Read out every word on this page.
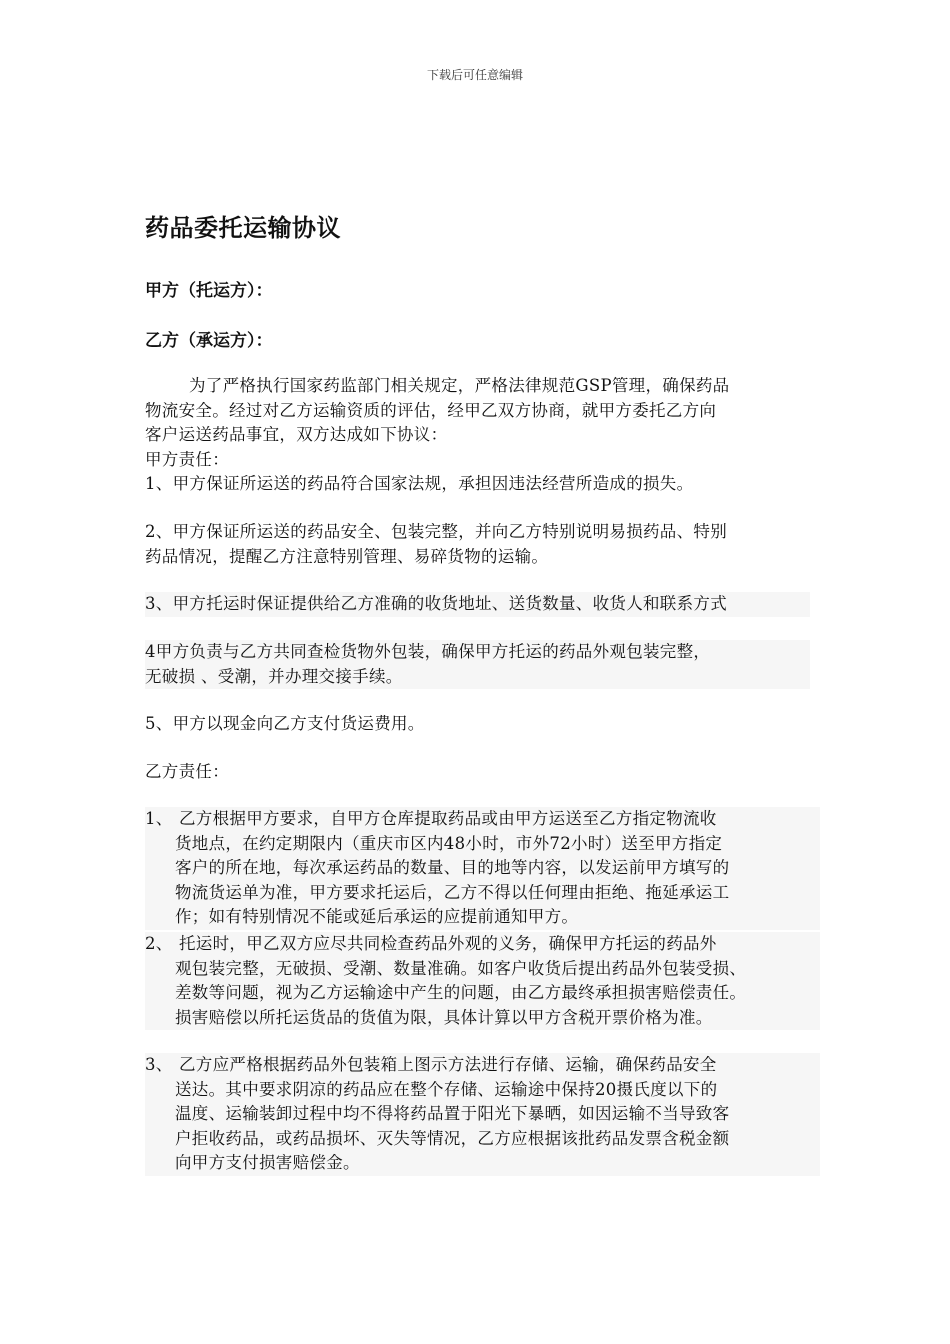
下载后可任意编辑
药品委托运输协议
甲方（托运方）：
乙方（承运方）：
为了严格执行国家药监部门相关规定，严格法律规范GSP管理，确保药品
物流安全。经过对乙方运输资质的评估，经甲乙双方协商，就甲方委托乙方向
客户运送药品事宜，双方达成如下协议：
甲方责任：
1、甲方保证所运送的药品符合国家法规，承担因违法经营所造成的损失。
2、甲方保证所运送的药品安全、包装完整，并向乙方特别说明易损药品、特别
药品情况，提醒乙方注意特别管理、易碎货物的运输。
3、甲方托运时保证提供给乙方准确的收货地址、送货数量、收货人和联系方式
4甲方负责与乙方共同查检货物外包装，确保甲方托运的药品外观包装完整，
无破损 、受潮，并办理交接手续。
5、甲方以现金向乙方支付货运费用。
乙方责任：
1、 乙方根据甲方要求，自甲方仓库提取药品或由甲方运送至乙方指定物流收
货地点，在约定期限内（重庆市区内48小时，市外72小时）送至甲方指定
客户的所在地，每次承运药品的数量、目的地等内容，以发运前甲方填写的
物流货运单为准，甲方要求托运后，乙方不得以任何理由拒绝、拖延承运工
作；如有特别情况不能或延后承运的应提前通知甲方。
2、 托运时，甲乙双方应尽共同检查药品外观的义务，确保甲方托运的药品外
观包装完整，无破损、受潮、数量准确。如客户收货后提出药品外包装受损、
差数等问题，视为乙方运输途中产生的问题，由乙方最终承担损害赔偿责任。
损害赔偿以所托运货品的货值为限，具体计算以甲方含税开票价格为准。
3、 乙方应严格根据药品外包装箱上图示方法进行存储、运输，确保药品安全
送达。其中要求阴凉的药品应在整个存储、运输途中保持20摄氏度以下的
温度、运输装卸过程中均不得将药品置于阳光下暴晒，如因运输不当导致客
户拒收药品，或药品损坏、灭失等情况，乙方应根据该批药品发票含税金额
向甲方支付损害赔偿金。
